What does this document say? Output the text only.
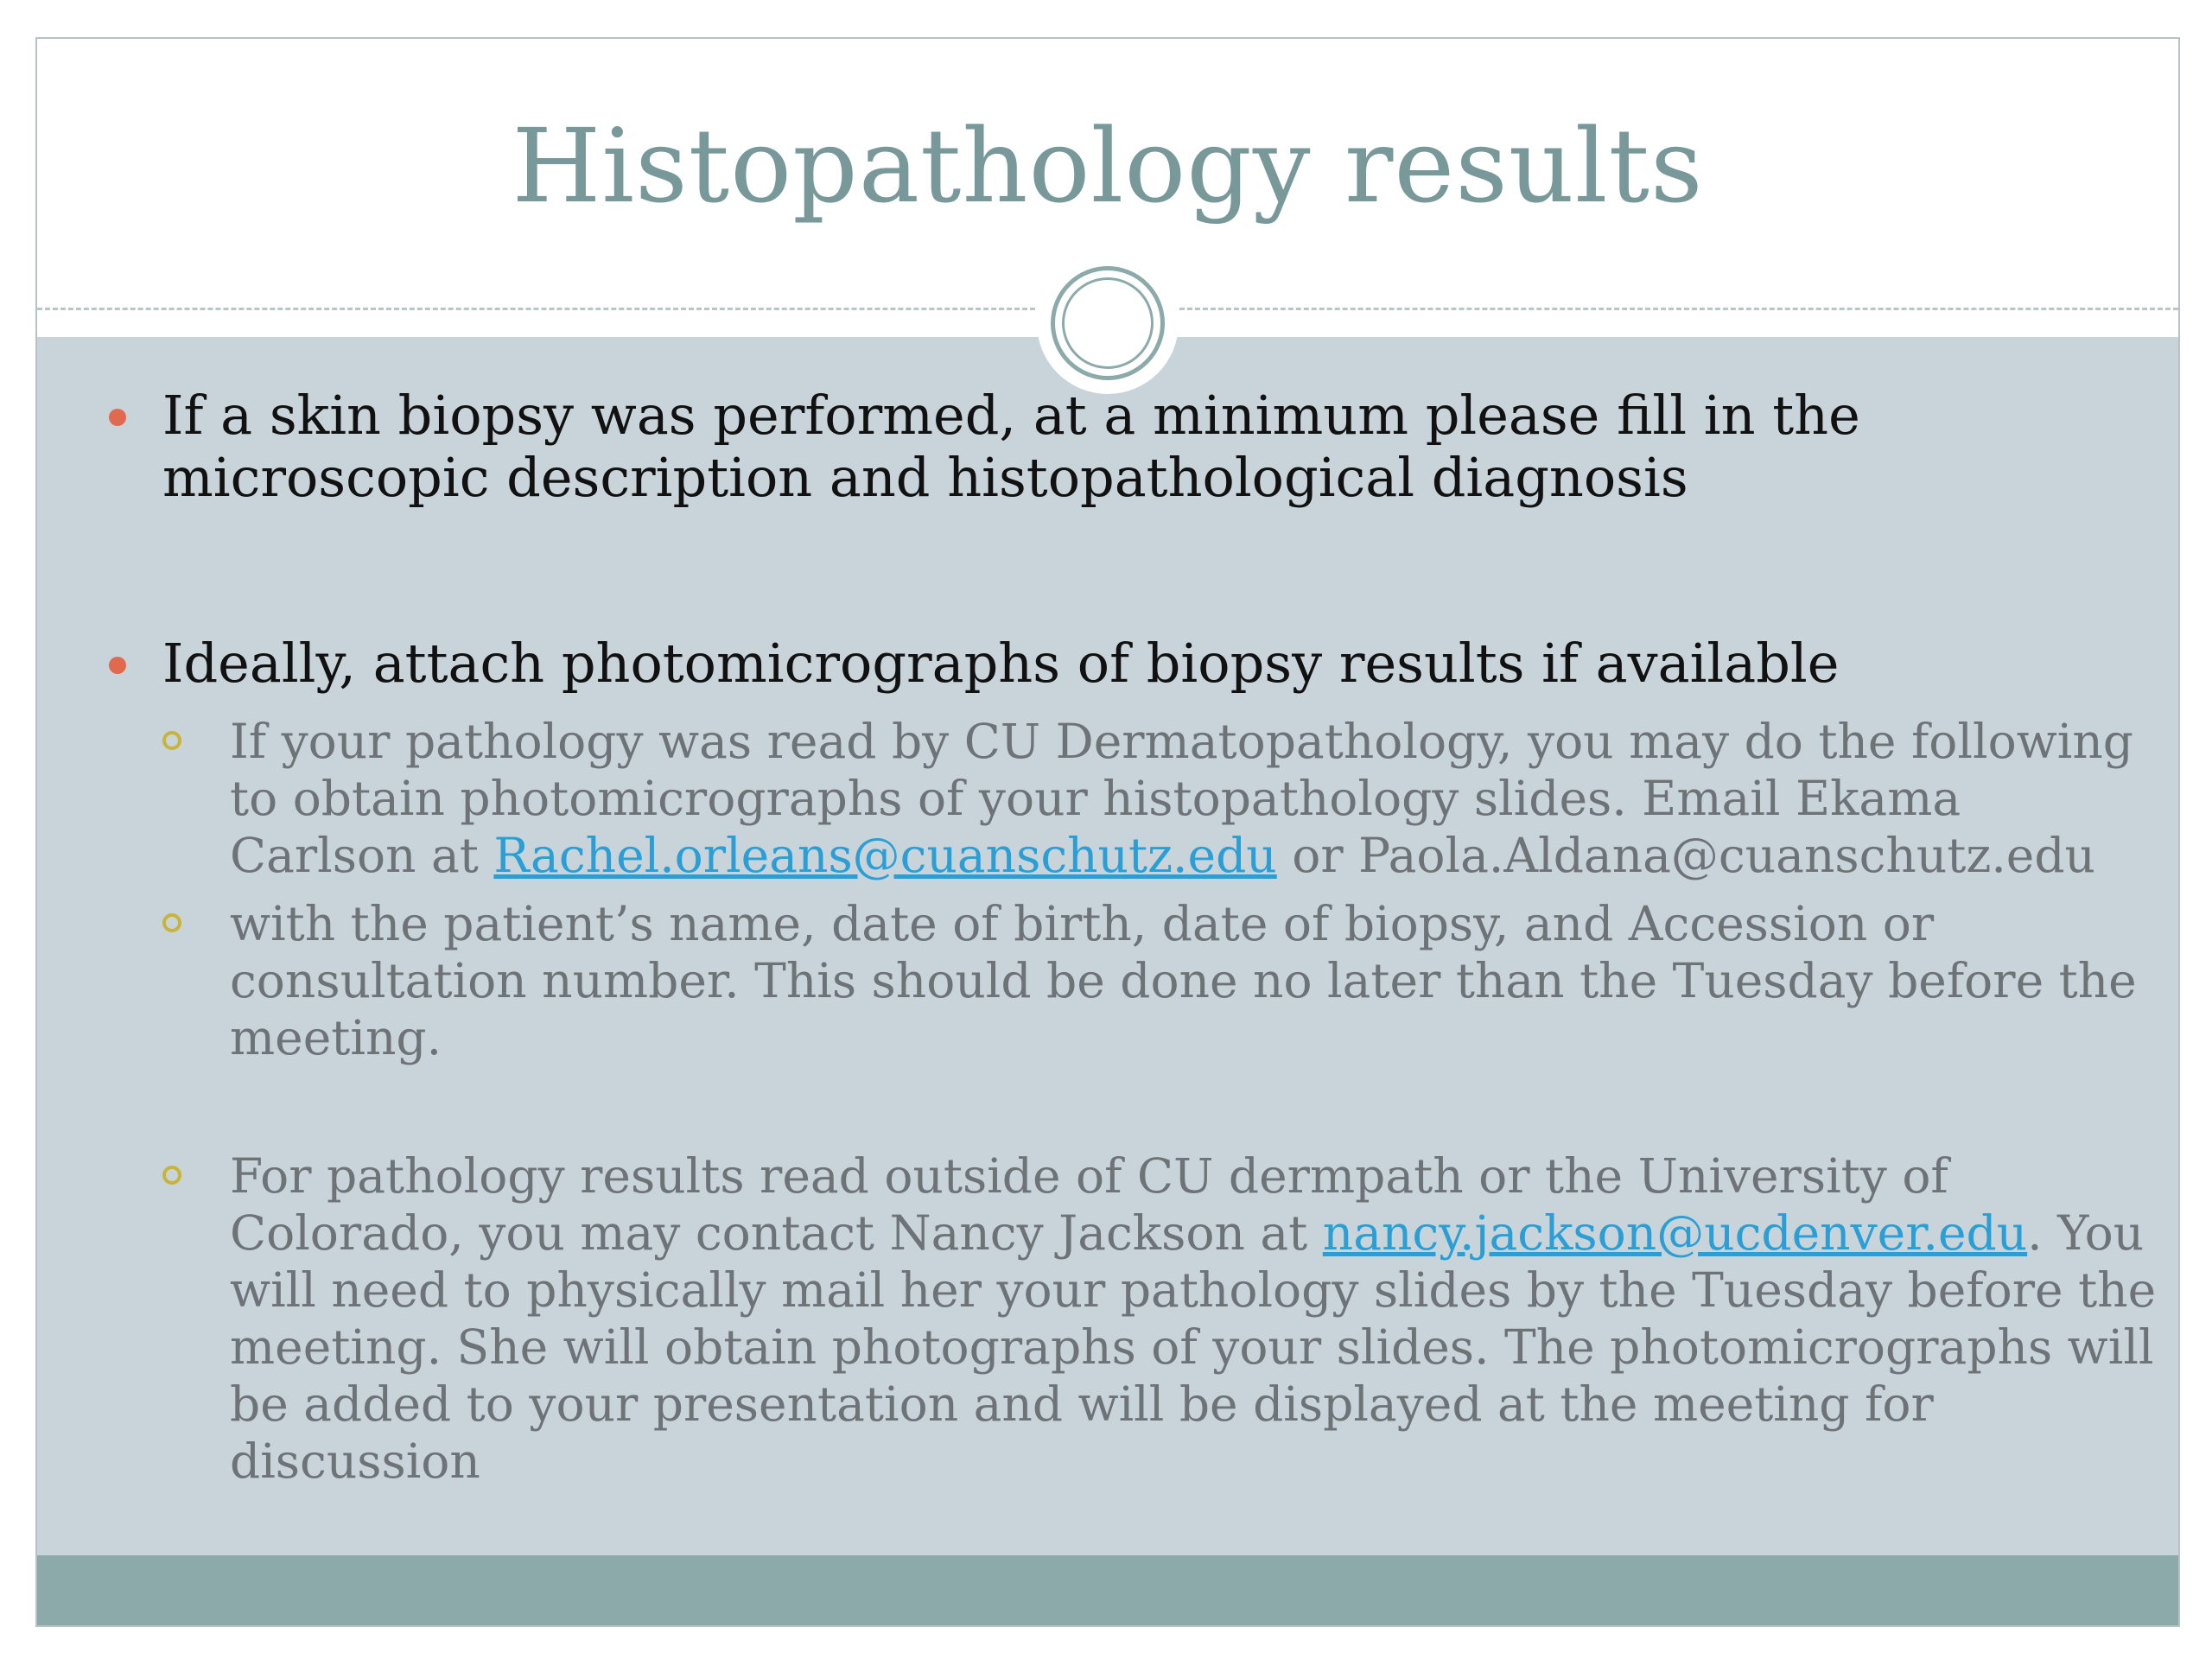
Histopathology results

If a skin biopsy was performed, at a minimum please fill in the microscopic description and histopathological diagnosis

Ideally, attach photomicrographs of biopsy results if available

If your pathology was read by CU Dermatopathology, you may do the following to obtain photomicrographs of your histopathology slides. Email Ekama Carlson at Rachel.orleans@cuanschutz.edu or Paola.Aldana@cuanschutz.edu

with the patient’s name, date of birth, date of biopsy, and Accession or consultation number. This should be done no later than the Tuesday before the meeting.

For pathology results read outside of CU dermpath or the University of Colorado, you may contact Nancy Jackson at nancy.jackson@ucdenver.edu. You will need to physically mail her your pathology slides by the Tuesday before the meeting. She will obtain photographs of your slides. The photomicrographs will be added to your presentation and will be displayed at the meeting for discussion
